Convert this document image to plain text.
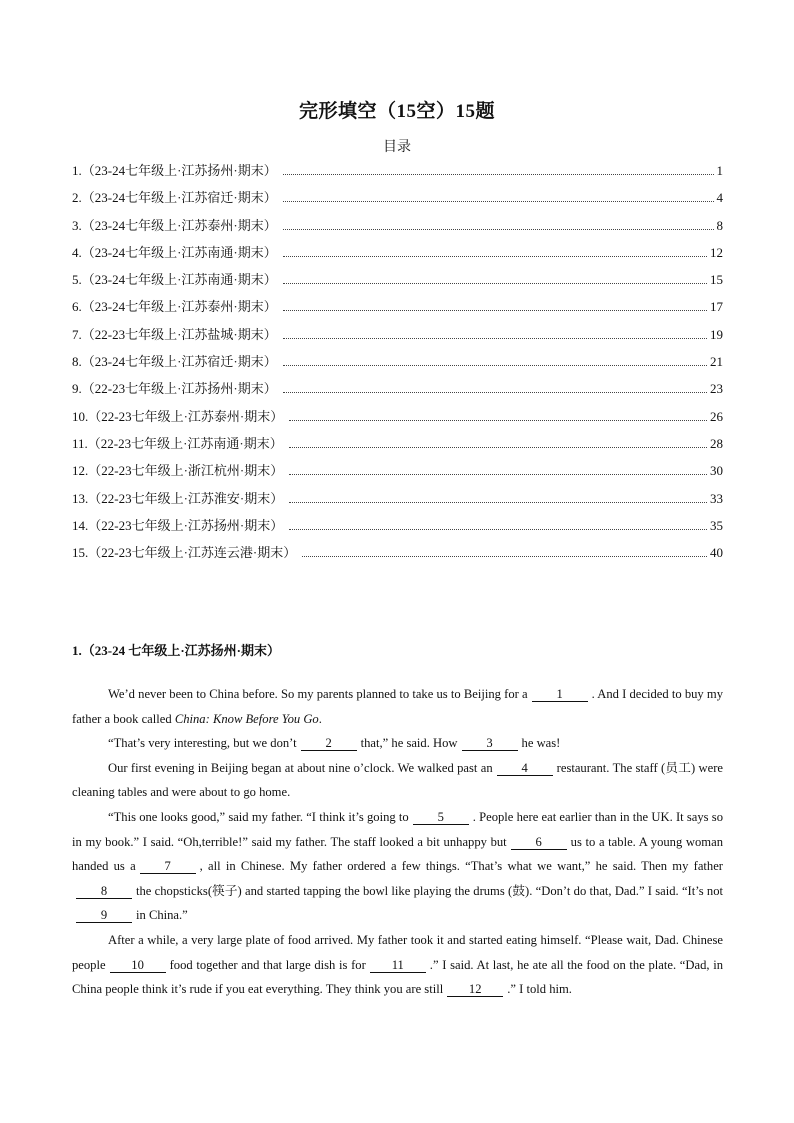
完形填空（15空）15题
目录
1.（23-24七年级上·江苏扬州·期末）	1
2.（23-24七年级上·江苏宿迁·期末）	4
3.（23-24七年级上·江苏泰州·期末）	8
4.（23-24七年级上·江苏南通·期末）	12
5.（23-24七年级上·江苏南通·期末）	15
6.（23-24七年级上·江苏泰州·期末）	17
7.（22-23七年级上·江苏盐城·期末）	19
8.（23-24七年级上·江苏宿迁·期末）	21
9.（22-23七年级上·江苏扬州·期末）	23
10.（22-23七年级上·江苏泰州·期末）	26
11.（22-23七年级上·江苏南通·期末）	28
12.（22-23七年级上·浙江杭州·期末）	30
13.（22-23七年级上·江苏淮安·期末）	33
14.（22-23七年级上·江苏扬州·期末）	35
15.（22-23七年级上·江苏连云港·期末）	40
1.（23-24 七年级上·江苏扬州·期末）

We’d never been to China before. So my parents planned to take us to Beijing for a 1 . And I decided to buy my father a book called China: Know Before You Go.

“That’s very interesting, but we don’t 2 that,” he said. How 3 he was!

Our first evening in Beijing began at about nine o’clock. We walked past an 4 restaurant. The staff (员工) were cleaning tables and were about to go home.

“This one looks good,” said my father. “I think it’s going to 5 . People here eat earlier than in the UK. It says so in my book.” I said. “Oh,terrible!” said my father. The staff looked a bit unhappy but 6 us to a table. A young woman handed us a 7 , all in Chinese. My father ordered a few things. “That’s what we want,” he said. Then my father8 the chopsticks(筷子) and started tapping the bowl like playing the drums (鼓). “Don’t do that, Dad.” I said. “It’s not9 in China.”

After a while, a very large plate of food arrived. My father took it and started eating himself. “Please wait, Dad. Chinese people 10 food together and that large dish is for 11 .” I said. At last, he ate all the food on the plate. “Dad, in China people think it’s rude if you eat everything. They think you are still 12 .” I told him.
